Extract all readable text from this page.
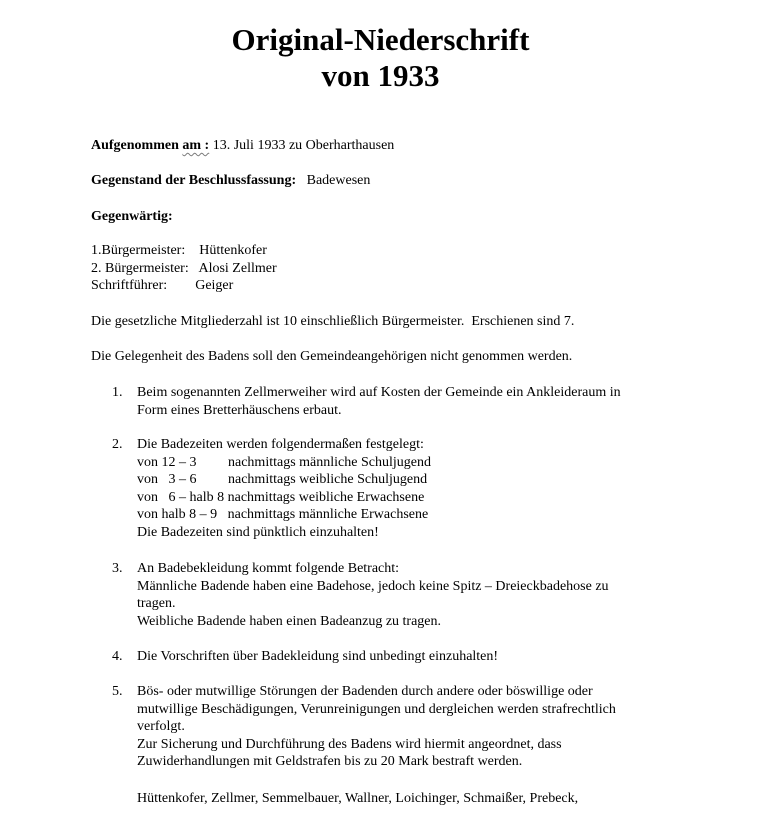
Original-Niederschrift
von 1933
Aufgenommen am : 13. Juli 1933 zu Oberharthausen
Gegenstand der Beschlussfassung:   Badewesen
Gegenwärtig:
1.Bürgermeister:    Hüttenkofer
2. Bürgermeister:   Alosi Zellmer
Schriftführer:        Geiger
Die gesetzliche Mitgliederzahl ist 10 einschließlich Bürgermeister.  Erschienen sind 7.
Die Gelegenheit des Badens soll den Gemeindeangehörigen nicht genommen werden.
1.	Beim sogenannten Zellmerweiher wird auf Kosten der Gemeinde ein Ankleideraum in
Form eines Bretterhäuschens erbaut.
2.	Die Badezeiten werden folgendermaßen festgelegt:
von 12 – 3         nachmittags männliche Schuljugend
von   3 – 6         nachmittags weibliche Schuljugend
von   6 – halb 8 nachmittags weibliche Erwachsene
von halb 8 – 9   nachmittags männliche Erwachsene
Die Badezeiten sind pünktlich einzuhalten!
3.	An Badebekleidung kommt folgende Betracht:
Männliche Badende haben eine Badehose, jedoch keine Spitz – Dreieckbadehose zu
tragen.
Weibliche Badende haben einen Badeanzug zu tragen.
4.	Die Vorschriften über Badekleidung sind unbedingt einzuhalten!
5.	Bös- oder mutwillige Störungen der Badenden durch andere oder böswillige oder
mutwillige Beschädigungen, Verunreinigungen und dergleichen werden strafrechtlich
verfolgt.
Zur Sicherung und Durchführung des Badens wird hiermit angeordnet, dass
Zuwiderhandlungen mit Geldstrafen bis zu 20 Mark bestraft werden.
Hüttenkofer, Zellmer, Semmelbauer, Wallner, Loichinger, Schmaißer, Prebeck,
